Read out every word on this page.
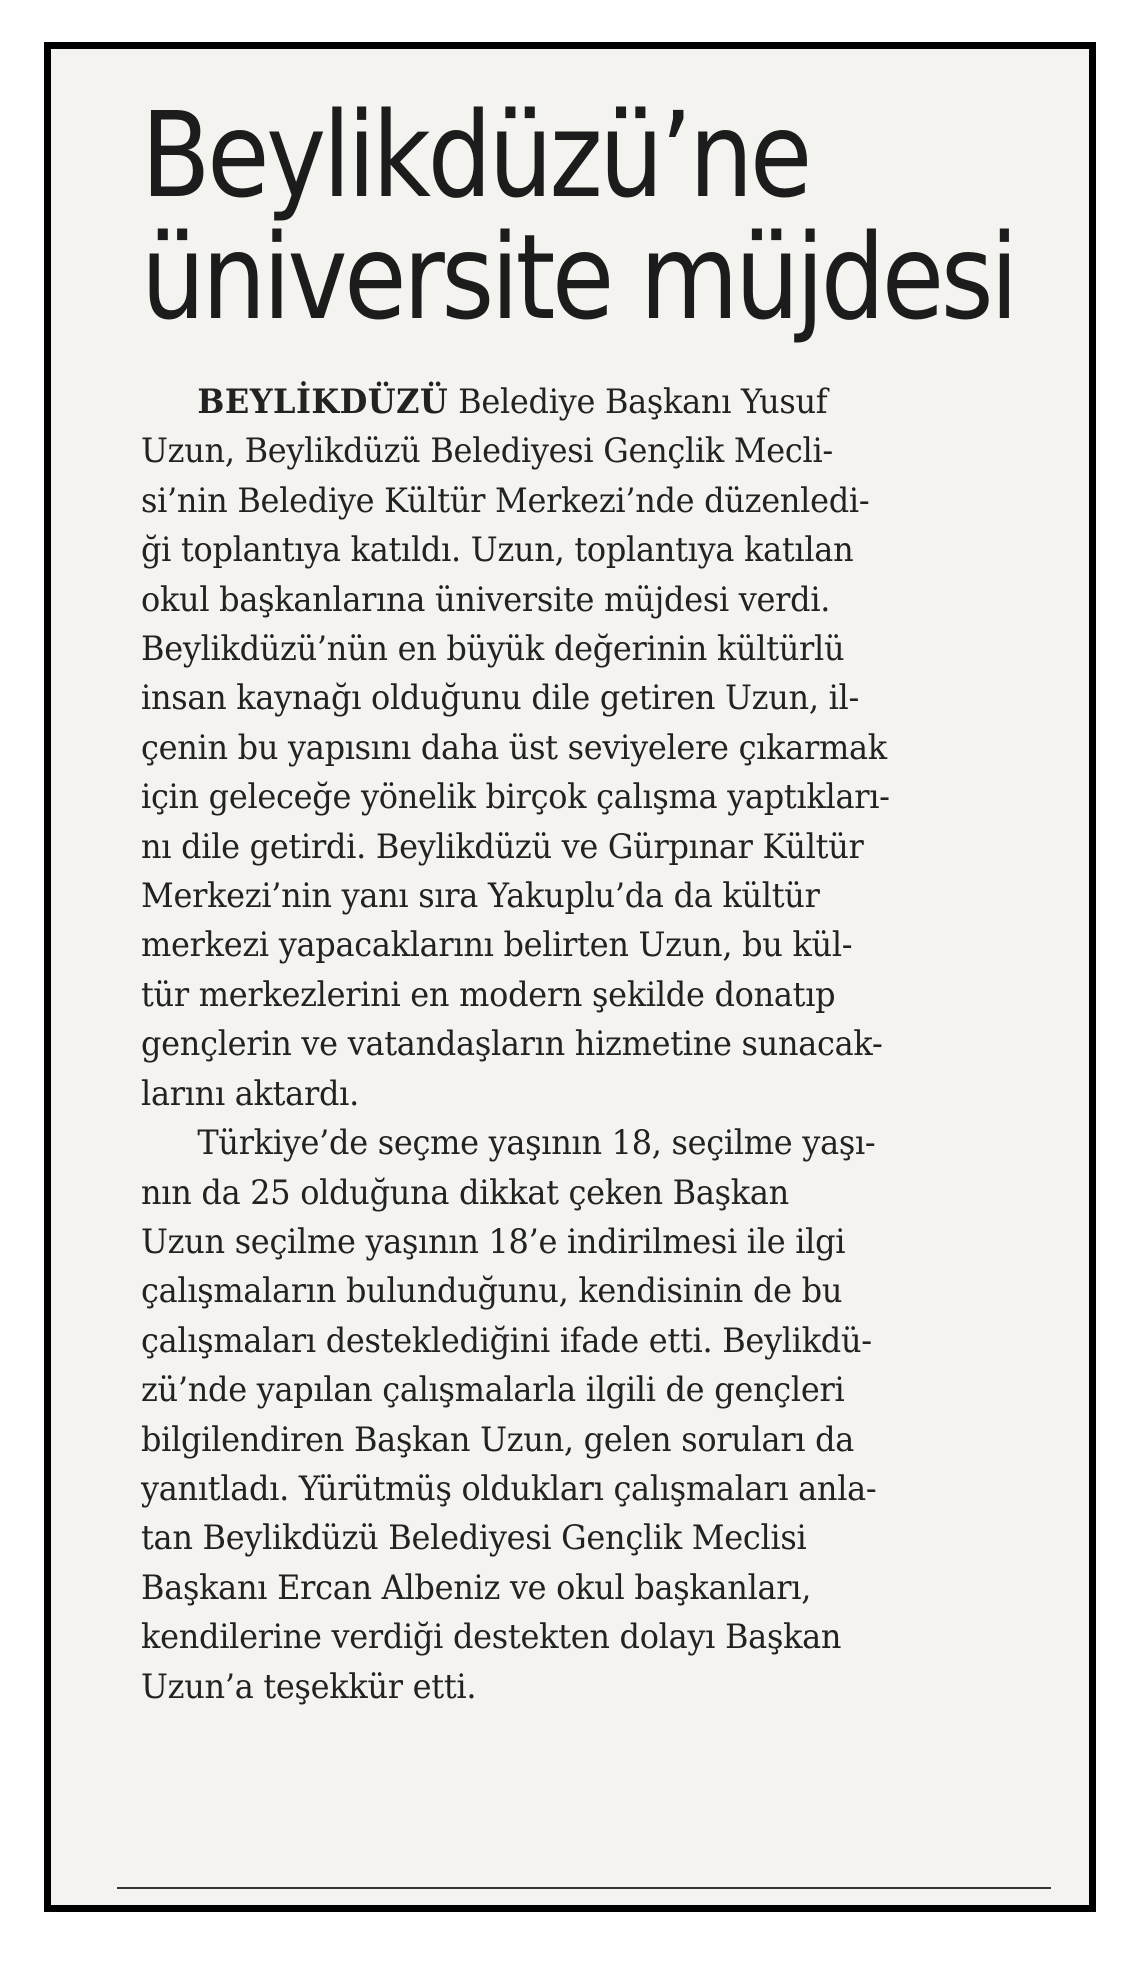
Beylikdüzü’ne
üniversite müjdesi
BEYLİKDÜZÜ Belediye Başkanı Yusuf
Uzun, Beylikdüzü Belediyesi Gençlik Mecli-
si’nin Belediye Kültür Merkezi’nde düzenledi-
ği toplantıya katıldı. Uzun, toplantıya katılan
okul başkanlarına üniversite müjdesi verdi.
Beylikdüzü’nün en büyük değerinin kültürlü
insan kaynağı olduğunu dile getiren Uzun, il-
çenin bu yapısını daha üst seviyelere çıkarmak
için geleceğe yönelik birçok çalışma yaptıkları-
nı dile getirdi. Beylikdüzü ve Gürpınar Kültür
Merkezi’nin yanı sıra Yakuplu’da da kültür
merkezi yapacaklarını belirten Uzun, bu kül-
tür merkezlerini en modern şekilde donatıp
gençlerin ve vatandaşların hizmetine sunacak-
larını aktardı.
Türkiye’de seçme yaşının 18, seçilme yaşı-
nın da 25 olduğuna dikkat çeken Başkan
Uzun seçilme yaşının 18’e indirilmesi ile ilgi
çalışmaların bulunduğunu, kendisinin de bu
çalışmaları desteklediğini ifade etti. Beylikdü-
zü’nde yapılan çalışmalarla ilgili de gençleri
bilgilendiren Başkan Uzun, gelen soruları da
yanıtladı. Yürütmüş oldukları çalışmaları anla-
tan Beylikdüzü Belediyesi Gençlik Meclisi
Başkanı Ercan Albeniz ve okul başkanları,
kendilerine verdiği destekten dolayı Başkan
Uzun’a teşekkür etti.
